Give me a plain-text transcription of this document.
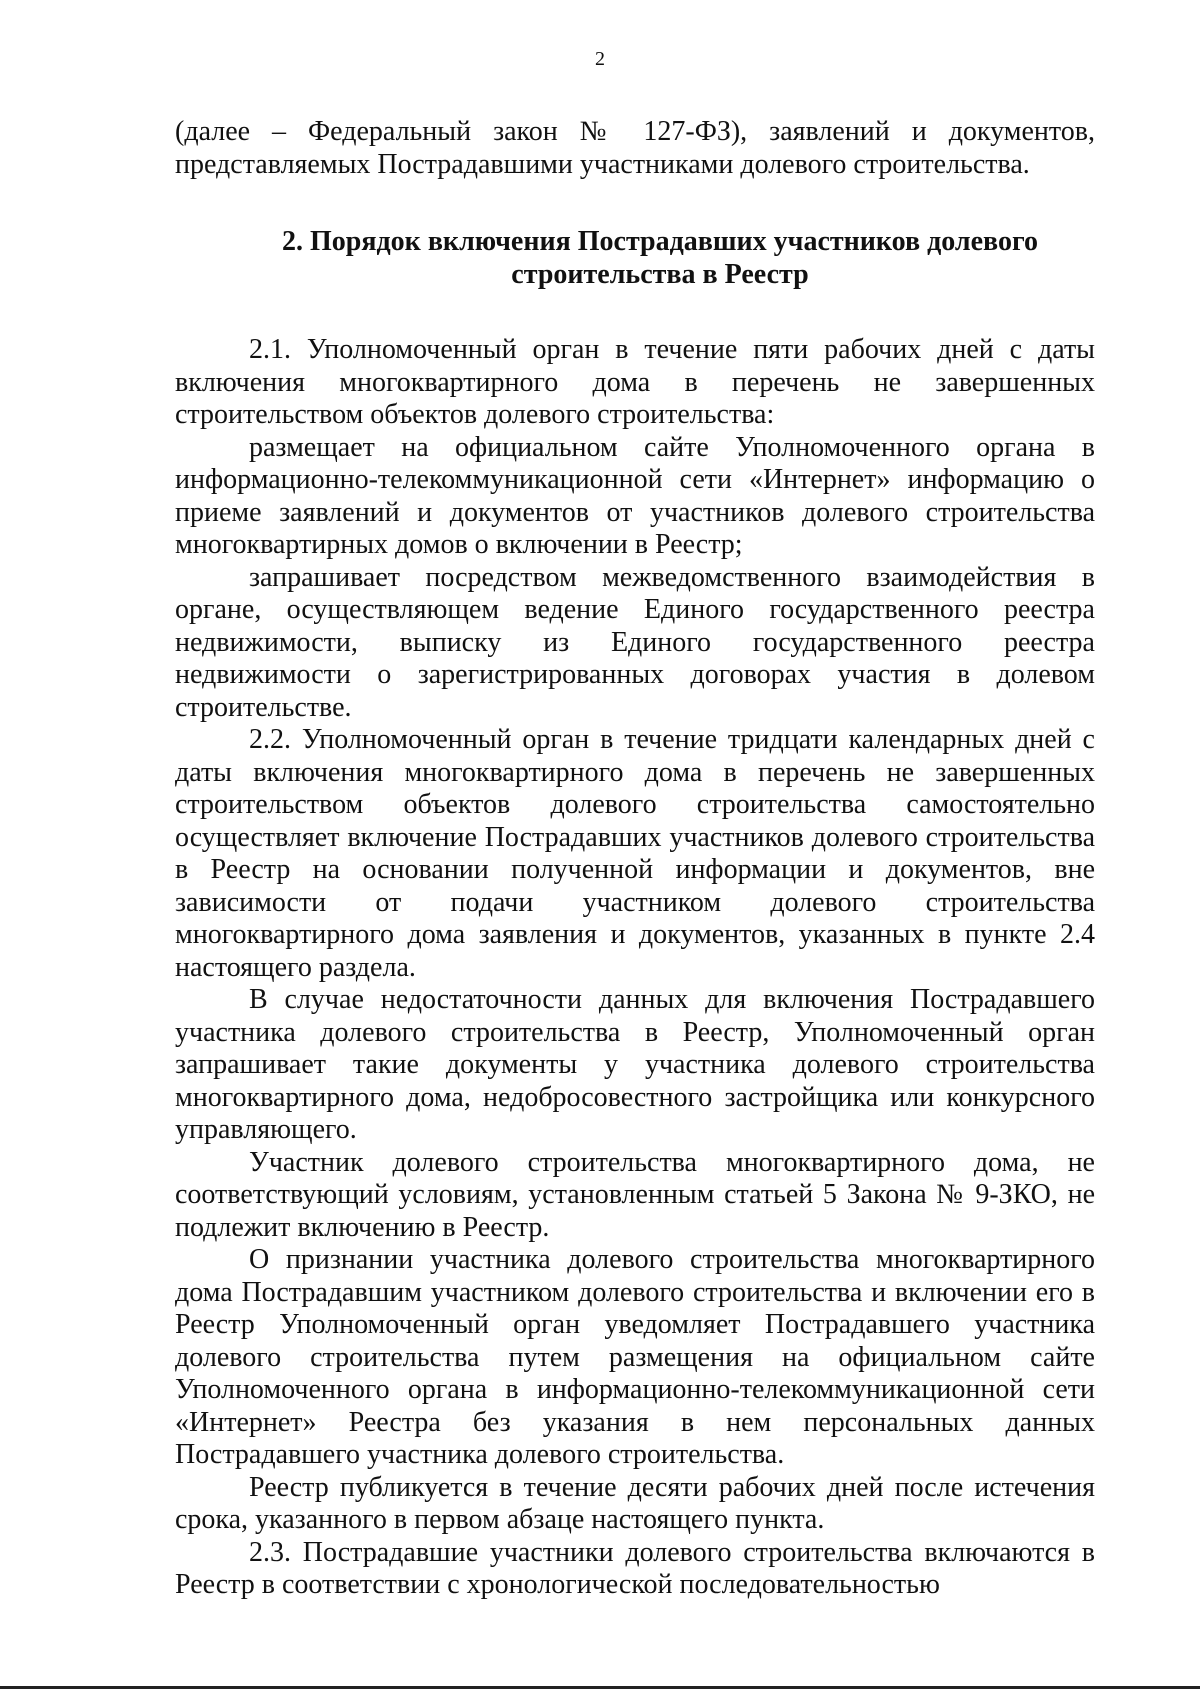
2

(далее – Федеральный закон № 127-ФЗ), заявлений и документов, представляемых Пострадавшими участниками долевого строительства.

2. Порядок включения Пострадавших участников долевого
строительства в Реестр

2.1. Уполномоченный орган в течение пяти рабочих дней с даты включения многоквартирного дома в перечень не завершенных строительством объектов долевого строительства:

размещает на официальном сайте Уполномоченного органа в информационно-телекоммуникационной сети «Интернет» информацию о приеме заявлений и документов от участников долевого строительства многоквартирных домов о включении в Реестр;

запрашивает посредством межведомственного взаимодействия в органе, осуществляющем ведение Единого государственного реестра недвижимости, выписку из Единого государственного реестра недвижимости о зарегистрированных договорах участия в долевом строительстве.

2.2. Уполномоченный орган в течение тридцати календарных дней с даты включения многоквартирного дома в перечень не завершенных строительством объектов долевого строительства самостоятельно осуществляет включение Пострадавших участников долевого строительства в Реестр на основании полученной информации и документов, вне зависимости от подачи участником долевого строительства многоквартирного дома заявления и документов, указанных в пункте 2.4 настоящего раздела.

В случае недостаточности данных для включения Пострадавшего участника долевого строительства в Реестр, Уполномоченный орган запрашивает такие документы у участника долевого строительства многоквартирного дома, недобросовестного застройщика или конкурсного управляющего.

Участник долевого строительства многоквартирного дома, не соответствующий условиям, установленным статьей 5 Закона № 9-ЗКО, не подлежит включению в Реестр.

О признании участника долевого строительства многоквартирного дома Пострадавшим участником долевого строительства и включении его в Реестр Уполномоченный орган уведомляет Пострадавшего участника долевого строительства путем размещения на официальном сайте Уполномоченного органа в информационно-телекоммуникационной сети «Интернет» Реестра без указания в нем персональных данных Пострадавшего участника долевого строительства.

Реестр публикуется в течение десяти рабочих дней после истечения срока, указанного в первом абзаце настоящего пункта.

2.3. Пострадавшие участники долевого строительства включаются в Реестр в соответствии с хронологической последовательностью
